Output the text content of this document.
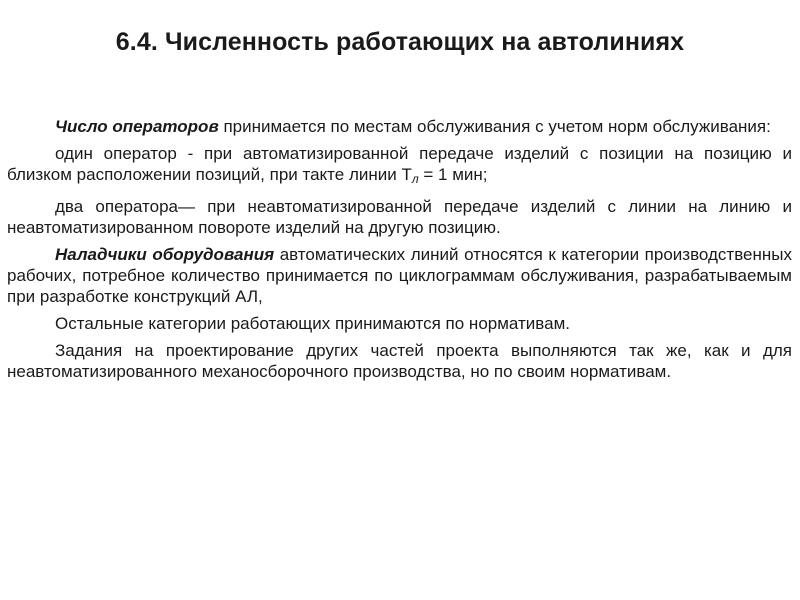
6.4. Численность работающих на автолиниях

Число операторов принимается по местам обслуживания с учетом норм обслуживания:

один оператор - при автоматизированной передаче изделий с позиции на позицию и близком расположении позиций, при такте линии $T_л = 1$ мин;

два оператора— при неавтоматизированной передаче изделий с линии на линию и неавтоматизированном повороте изделий на другую позицию.

Наладчики оборудования автоматических линий относятся к категории производственных рабочих, потребное количество принимается по циклограммам обслуживания, разрабатываемым при разработке конструкций АЛ,

Остальные категории работающих принимаются по нормативам.

Задания на проектирование других частей проекта выполняются так же, как и для неавтоматизированного механосборочного производства, но по своим нормативам.
